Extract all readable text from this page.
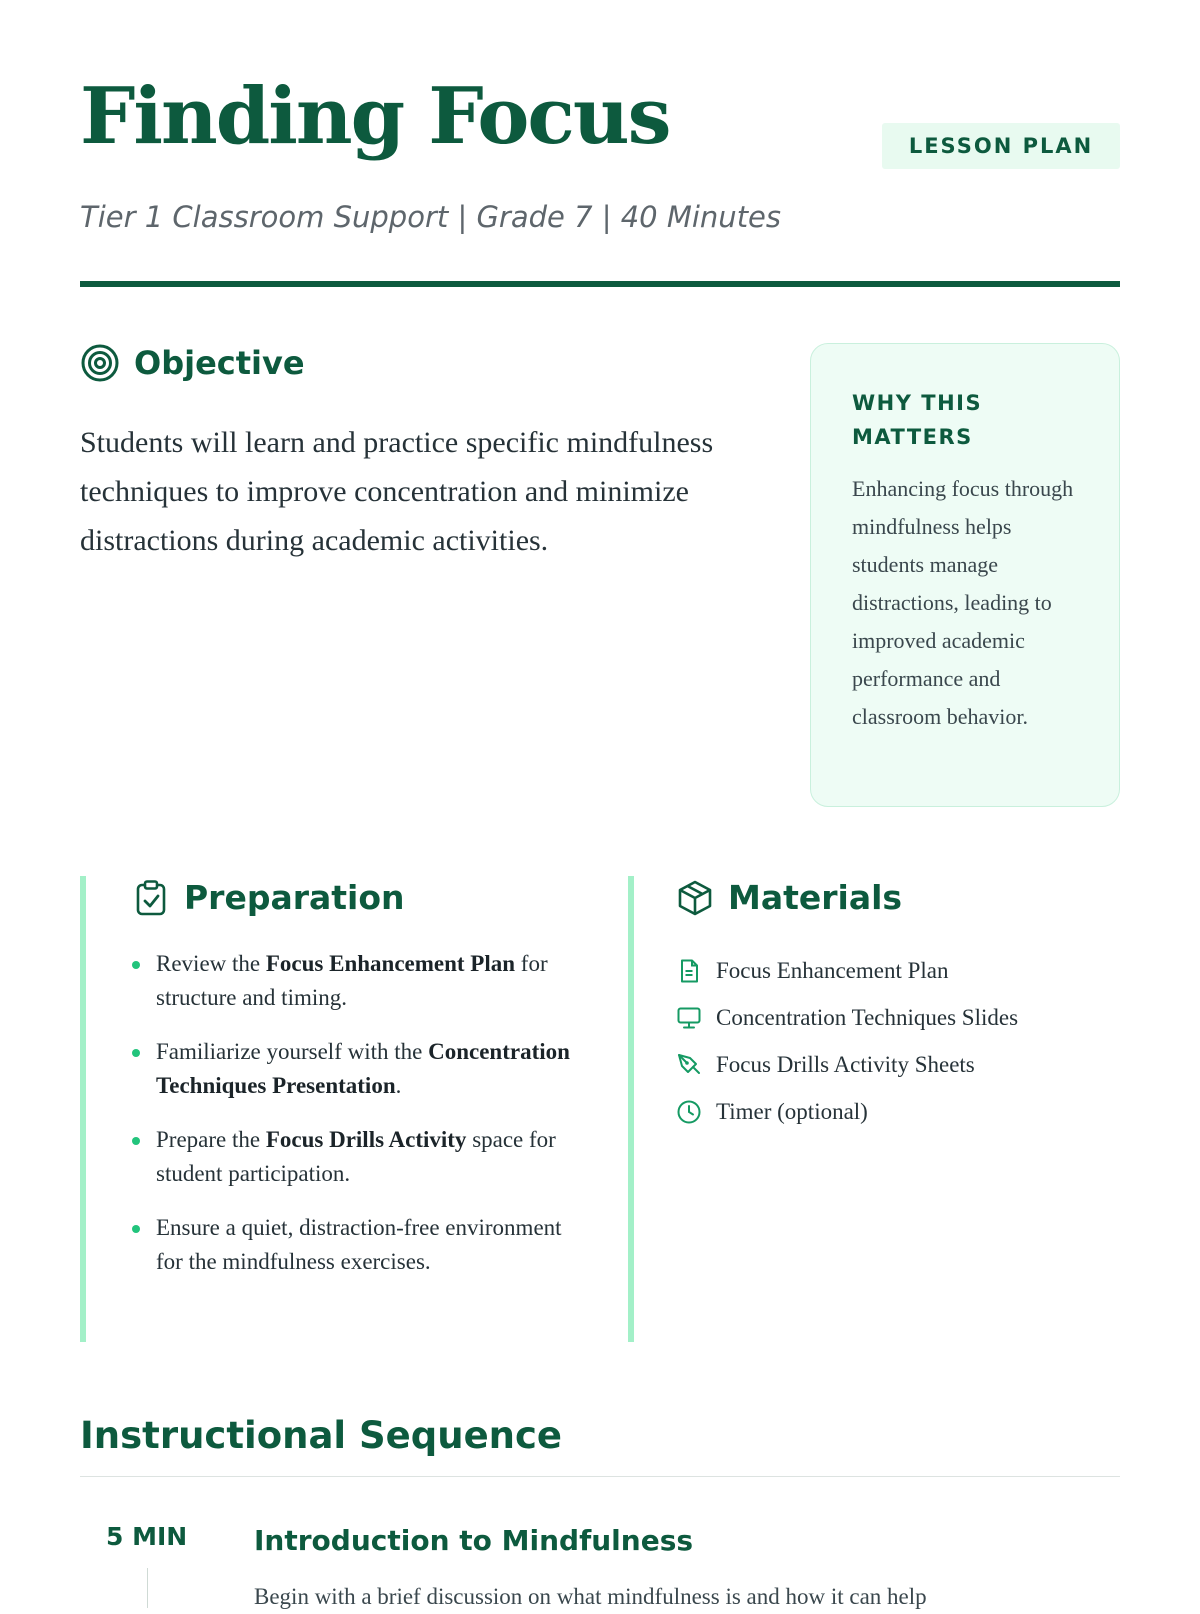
Finding Focus	LESSON PLAN

Tier 1 Classroom Support | Grade 7 | 40 Minutes

Objective

Students will learn and practice specific mindfulness techniques to improve concentration and minimize distractions during academic activities.

WHY THIS MATTERS

Enhancing focus through mindfulness helps students manage distractions, leading to improved academic performance and classroom behavior.

Preparation
Review the Focus Enhancement Plan for structure and timing.
Familiarize yourself with the Concentration Techniques Presentation.
Prepare the Focus Drills Activity space for student participation.
Ensure a quiet, distraction-free environment for the mindfulness exercises.
Materials
Focus Enhancement Plan
Concentration Techniques Slides
Focus Drills Activity Sheets
Timer (optional)
Instructional Sequence
5 MIN Introduction to Mindfulness

Begin with a brief discussion on what mindfulness is and how it can help
